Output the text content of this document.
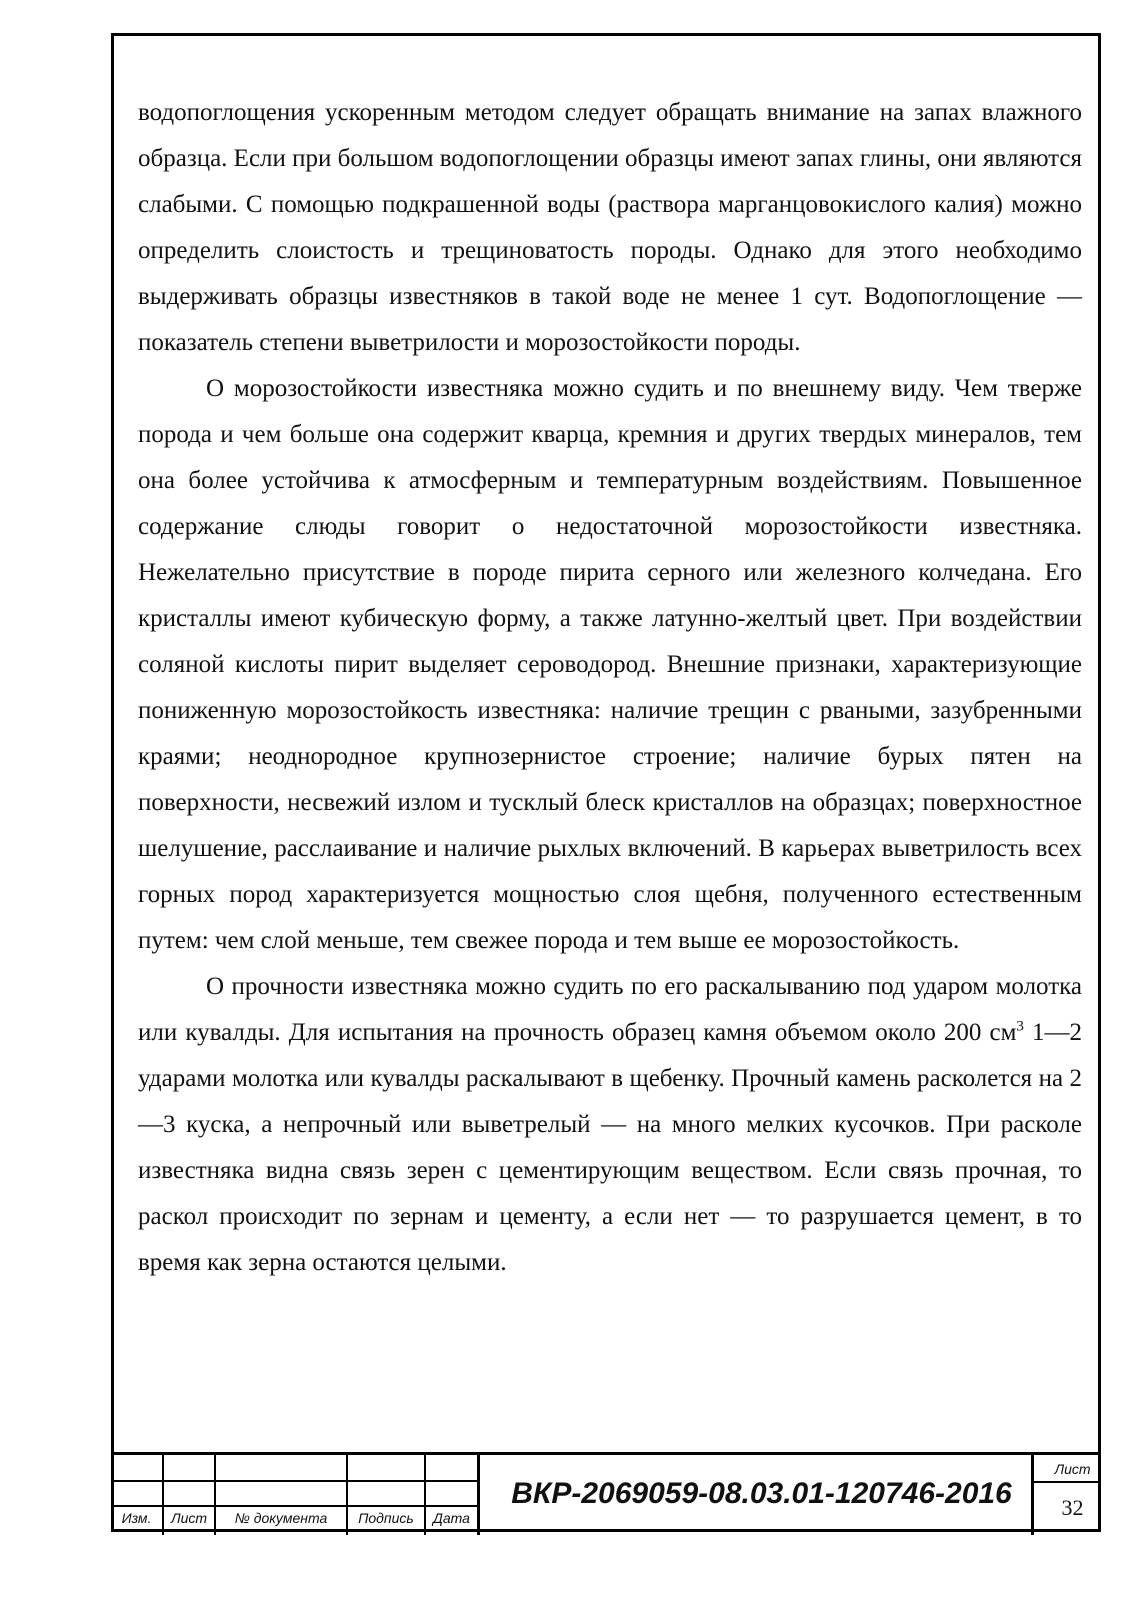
водопоглощения ускоренным методом следует обращать внимание на запах влажного образца. Если при большом водопоглощении образцы имеют запах глины, они являются слабыми. С помощью подкрашенной воды (раствора марганцовокислого калия) можно определить слоистость и трещиноватость породы. Однако для этого необходимо выдерживать образцы известняков в такой воде не менее 1 сут. Водопоглощение — показатель степени выветрилости и морозостойкости породы.

О морозостойкости известняка можно судить и по внешнему виду. Чем тверже порода и чем больше она содержит кварца, кремния и других твердых минералов, тем она более устойчива к атмосферным и температурным воздействиям. Повышенное содержание слюды говорит о недостаточной морозостойкости известняка. Нежелательно присутствие в породе пирита серного или железного колчедана. Его кристаллы имеют кубическую форму, а также латунно-желтый цвет. При воздействии соляной кислоты пирит выделяет сероводород. Внешние признаки, характеризующие пониженную морозостойкость известняка: наличие трещин с рваными, зазубренными краями; неоднородное крупнозернистое строение; наличие бурых пятен на поверхности, несвежий излом и тусклый блеск кристаллов на образцах; поверхностное шелушение, расслаивание и наличие рыхлых включений. В карьерах выветрилость всех горных пород характеризуется мощностью слоя щебня, полученного естественным путем: чем слой меньше, тем свежее порода и тем выше ее морозостойкость.

О прочности известняка можно судить по его раскалыванию под ударом молотка или кувалды. Для испытания на прочность образец камня объемом около 200 $см^3$ 1—2 ударами молотка или кувалды раскалывают в щебенку. Прочный камень расколется на 2—3 куска, а непрочный или выветрелый — на много мелких кусочков. При расколе известняка видна связь зерен с цементирующим веществом. Если связь прочная, то раскол происходит по зернам и цементу, а если нет — то разрушается цемент, в то время как зерна остаются целыми.

Изм.	Лист	№ документа	Подпись	Дата
ВКР-2069059-08.03.01-120746-2016
Лист
32
